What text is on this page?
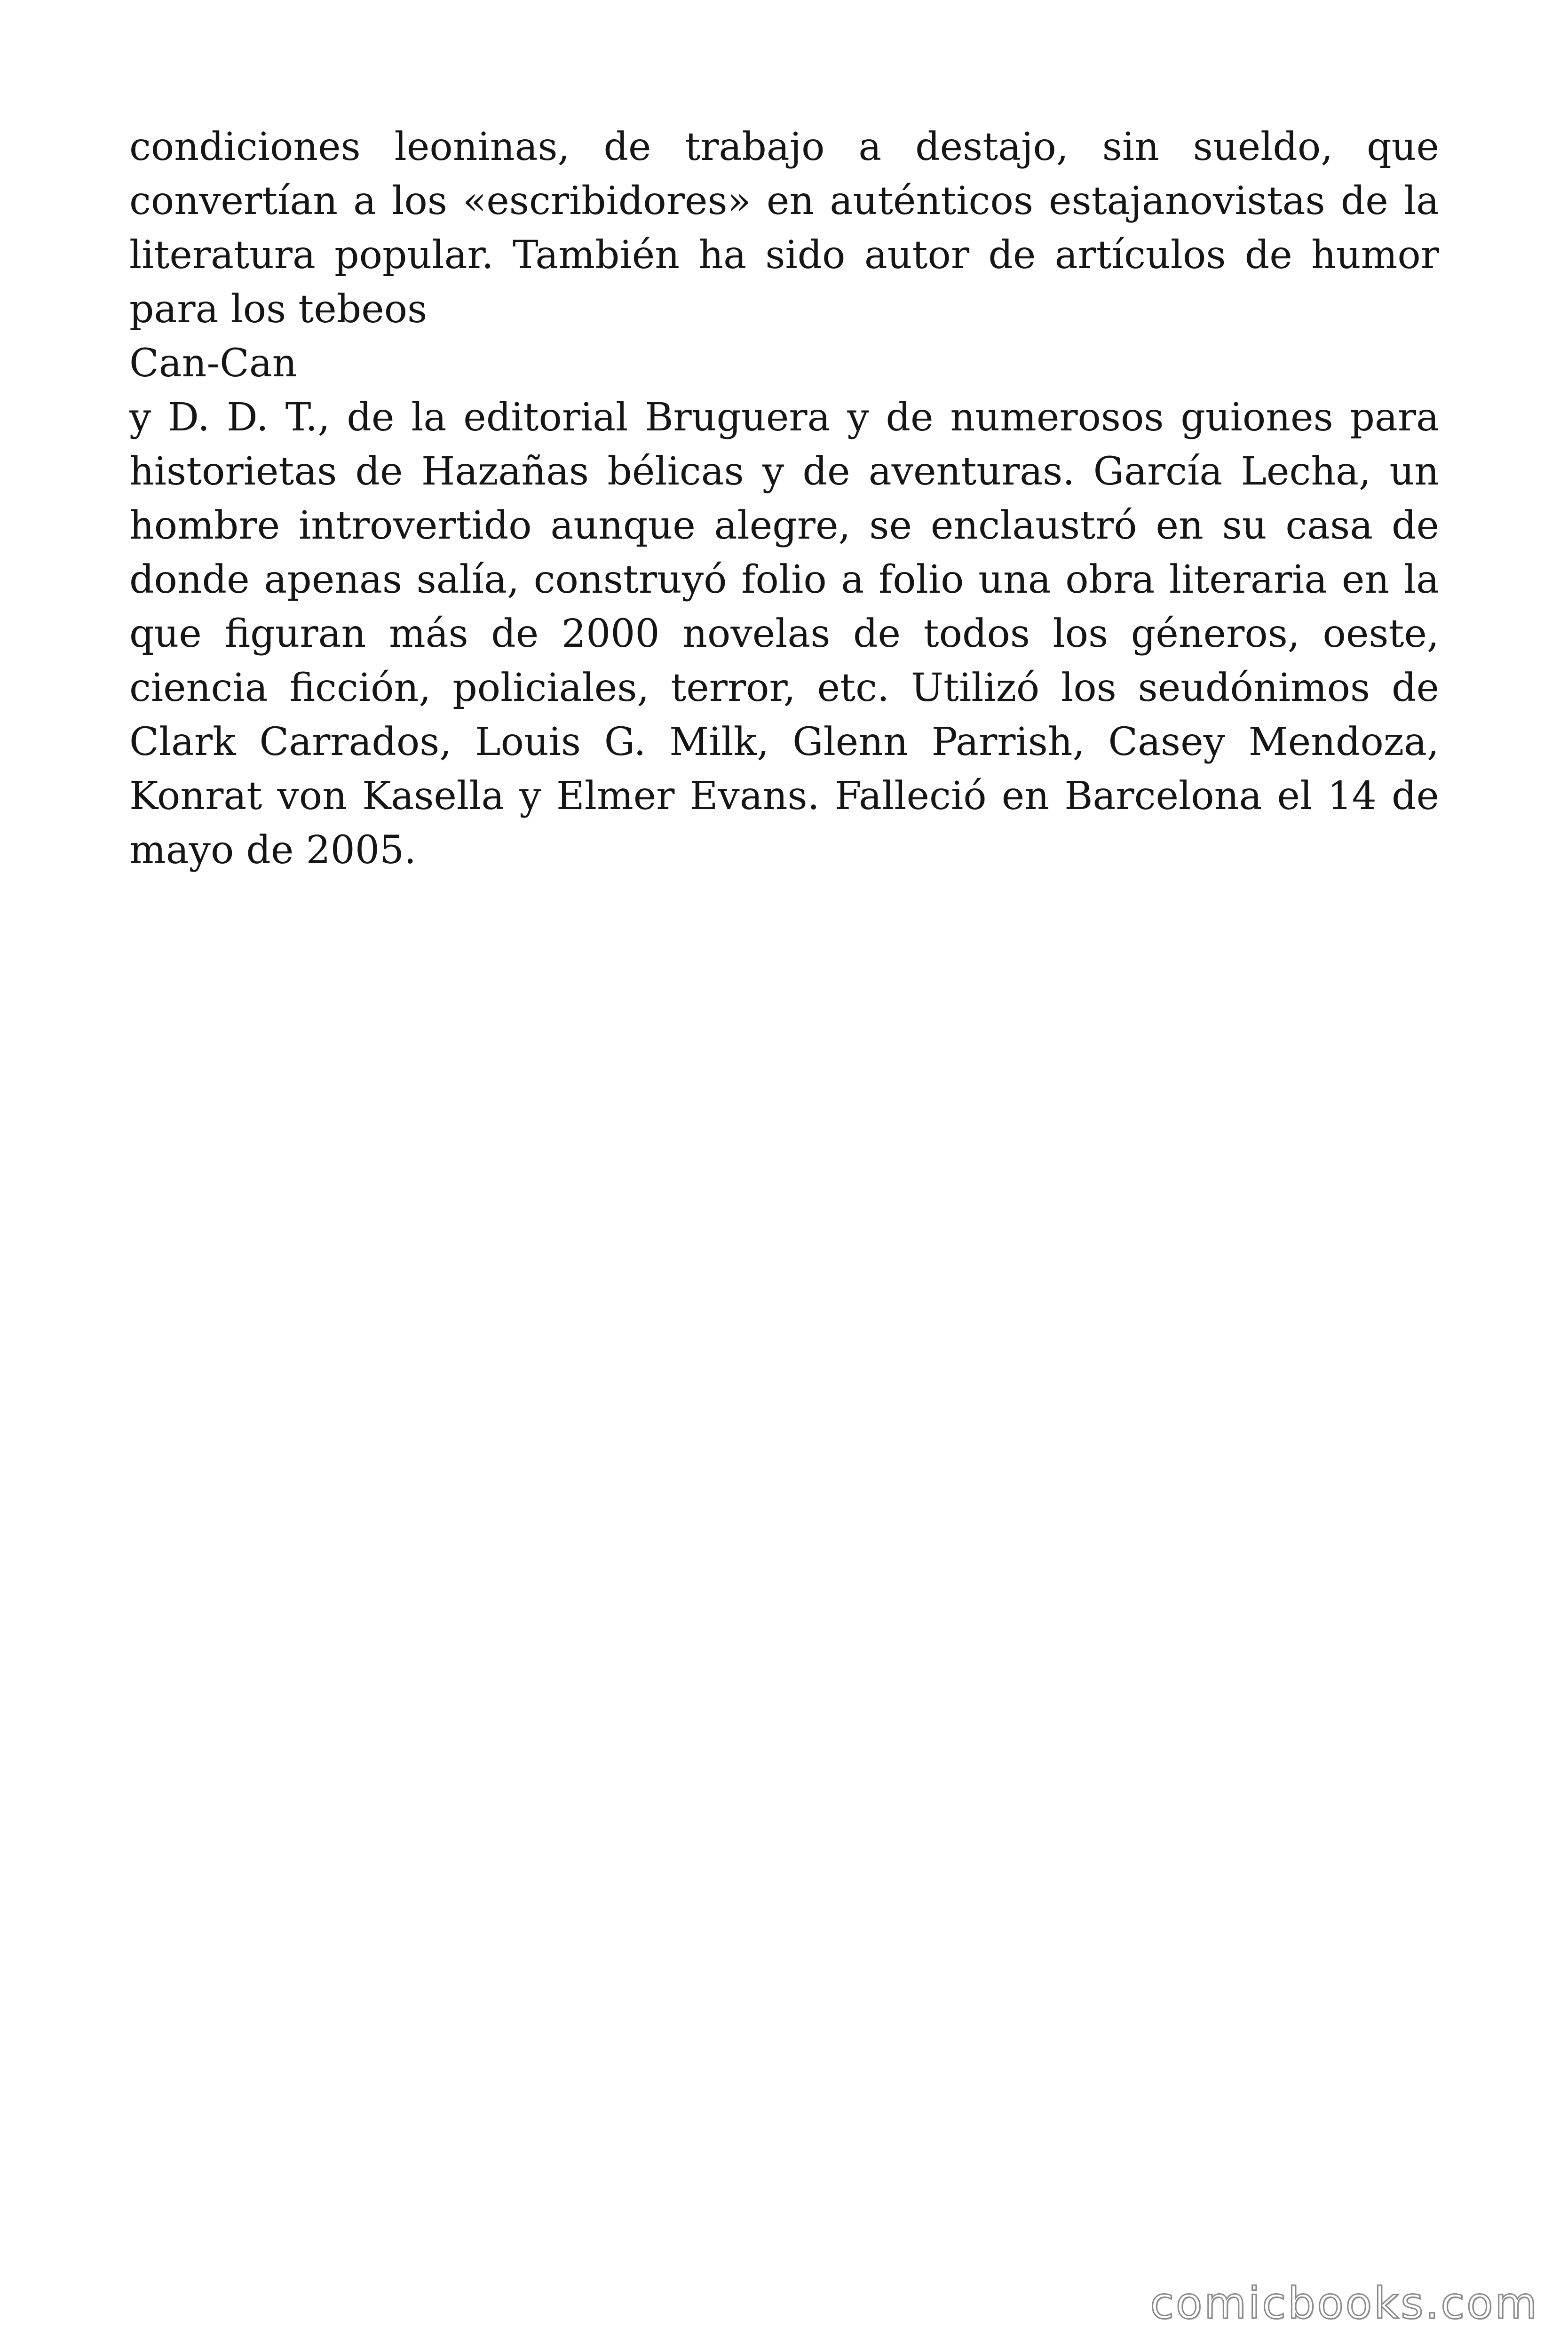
condiciones leoninas, de trabajo a destajo, sin sueldo, que convertían a los «escribidores» en auténticos estajanovistas de la literatura popular. También ha sido autor de artículos de humor para los tebeos

Can-Can

y D. D. T., de la editorial Bruguera y de numerosos guiones para historietas de Hazañas bélicas y de aventuras. García Lecha, un hombre introvertido aunque alegre, se enclaustró en su casa de donde apenas salía, construyó folio a folio una obra literaria en la que figuran más de 2000 novelas de todos los géneros, oeste, ciencia ficción, policiales, terror, etc. Utilizó los seudónimos de Clark Carrados, Louis G. Milk, Glenn Parrish, Casey Mendoza, Konrat von Kasella y Elmer Evans. Falleció en Barcelona el 14 de mayo de 2005.

comicbooks.com
